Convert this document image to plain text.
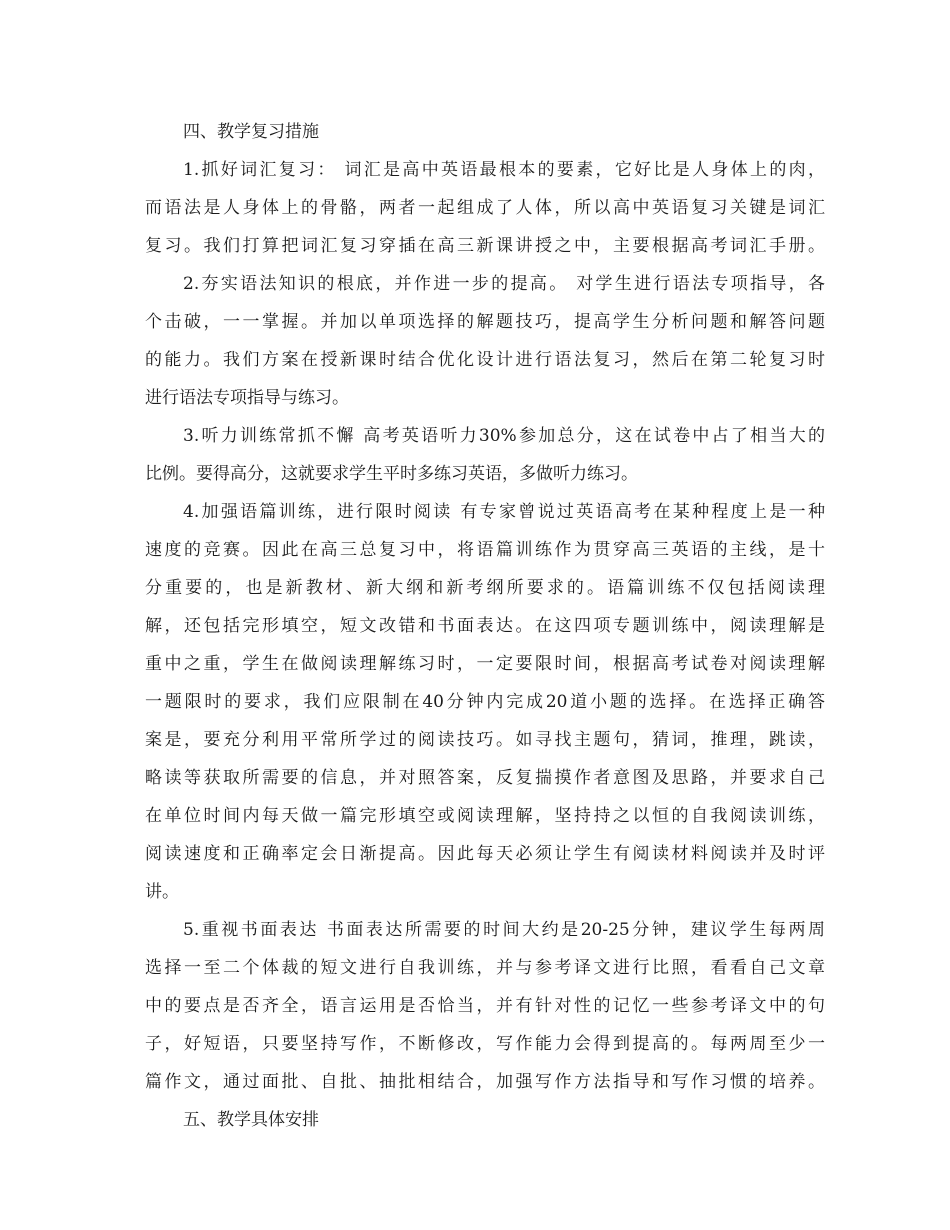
四、教学复习措施
1.抓好词汇复习： 词汇是高中英语最根本的要素，它好比是人身体上的肉，
而语法是人身体上的骨骼，两者一起组成了人体，所以高中英语复习关键是词汇
复习。我们打算把词汇复习穿插在高三新课讲授之中，主要根据高考词汇手册。
2.夯实语法知识的根底，并作进一步的提高。 对学生进行语法专项指导，各
个击破，一一掌握。并加以单项选择的解题技巧，提高学生分析问题和解答问题
的能力。我们方案在授新课时结合优化设计进行语法复习，然后在第二轮复习时
进行语法专项指导与练习。
3.听力训练常抓不懈 高考英语听力30%参加总分，这在试卷中占了相当大的
比例。要得高分，这就要求学生平时多练习英语，多做听力练习。
4.加强语篇训练，进行限时阅读 有专家曾说过英语高考在某种程度上是一种
速度的竞赛。因此在高三总复习中，将语篇训练作为贯穿高三英语的主线，是十
分重要的，也是新教材、新大纲和新考纲所要求的。语篇训练不仅包括阅读理
解，还包括完形填空，短文改错和书面表达。在这四项专题训练中，阅读理解是
重中之重，学生在做阅读理解练习时，一定要限时间，根据高考试卷对阅读理解
一题限时的要求，我们应限制在40分钟内完成20道小题的选择。在选择正确答
案是，要充分利用平常所学过的阅读技巧。如寻找主题句，猜词，推理，跳读，
略读等获取所需要的信息，并对照答案，反复揣摸作者意图及思路，并要求自己
在单位时间内每天做一篇完形填空或阅读理解，坚持持之以恒的自我阅读训练，
阅读速度和正确率定会日渐提高。因此每天必须让学生有阅读材料阅读并及时评
讲。
5.重视书面表达 书面表达所需要的时间大约是20-25分钟，建议学生每两周
选择一至二个体裁的短文进行自我训练，并与参考译文进行比照，看看自己文章
中的要点是否齐全，语言运用是否恰当，并有针对性的记忆一些参考译文中的句
子，好短语，只要坚持写作，不断修改，写作能力会得到提高的。每两周至少一
篇作文，通过面批、自批、抽批相结合，加强写作方法指导和写作习惯的培养。
五、教学具体安排
